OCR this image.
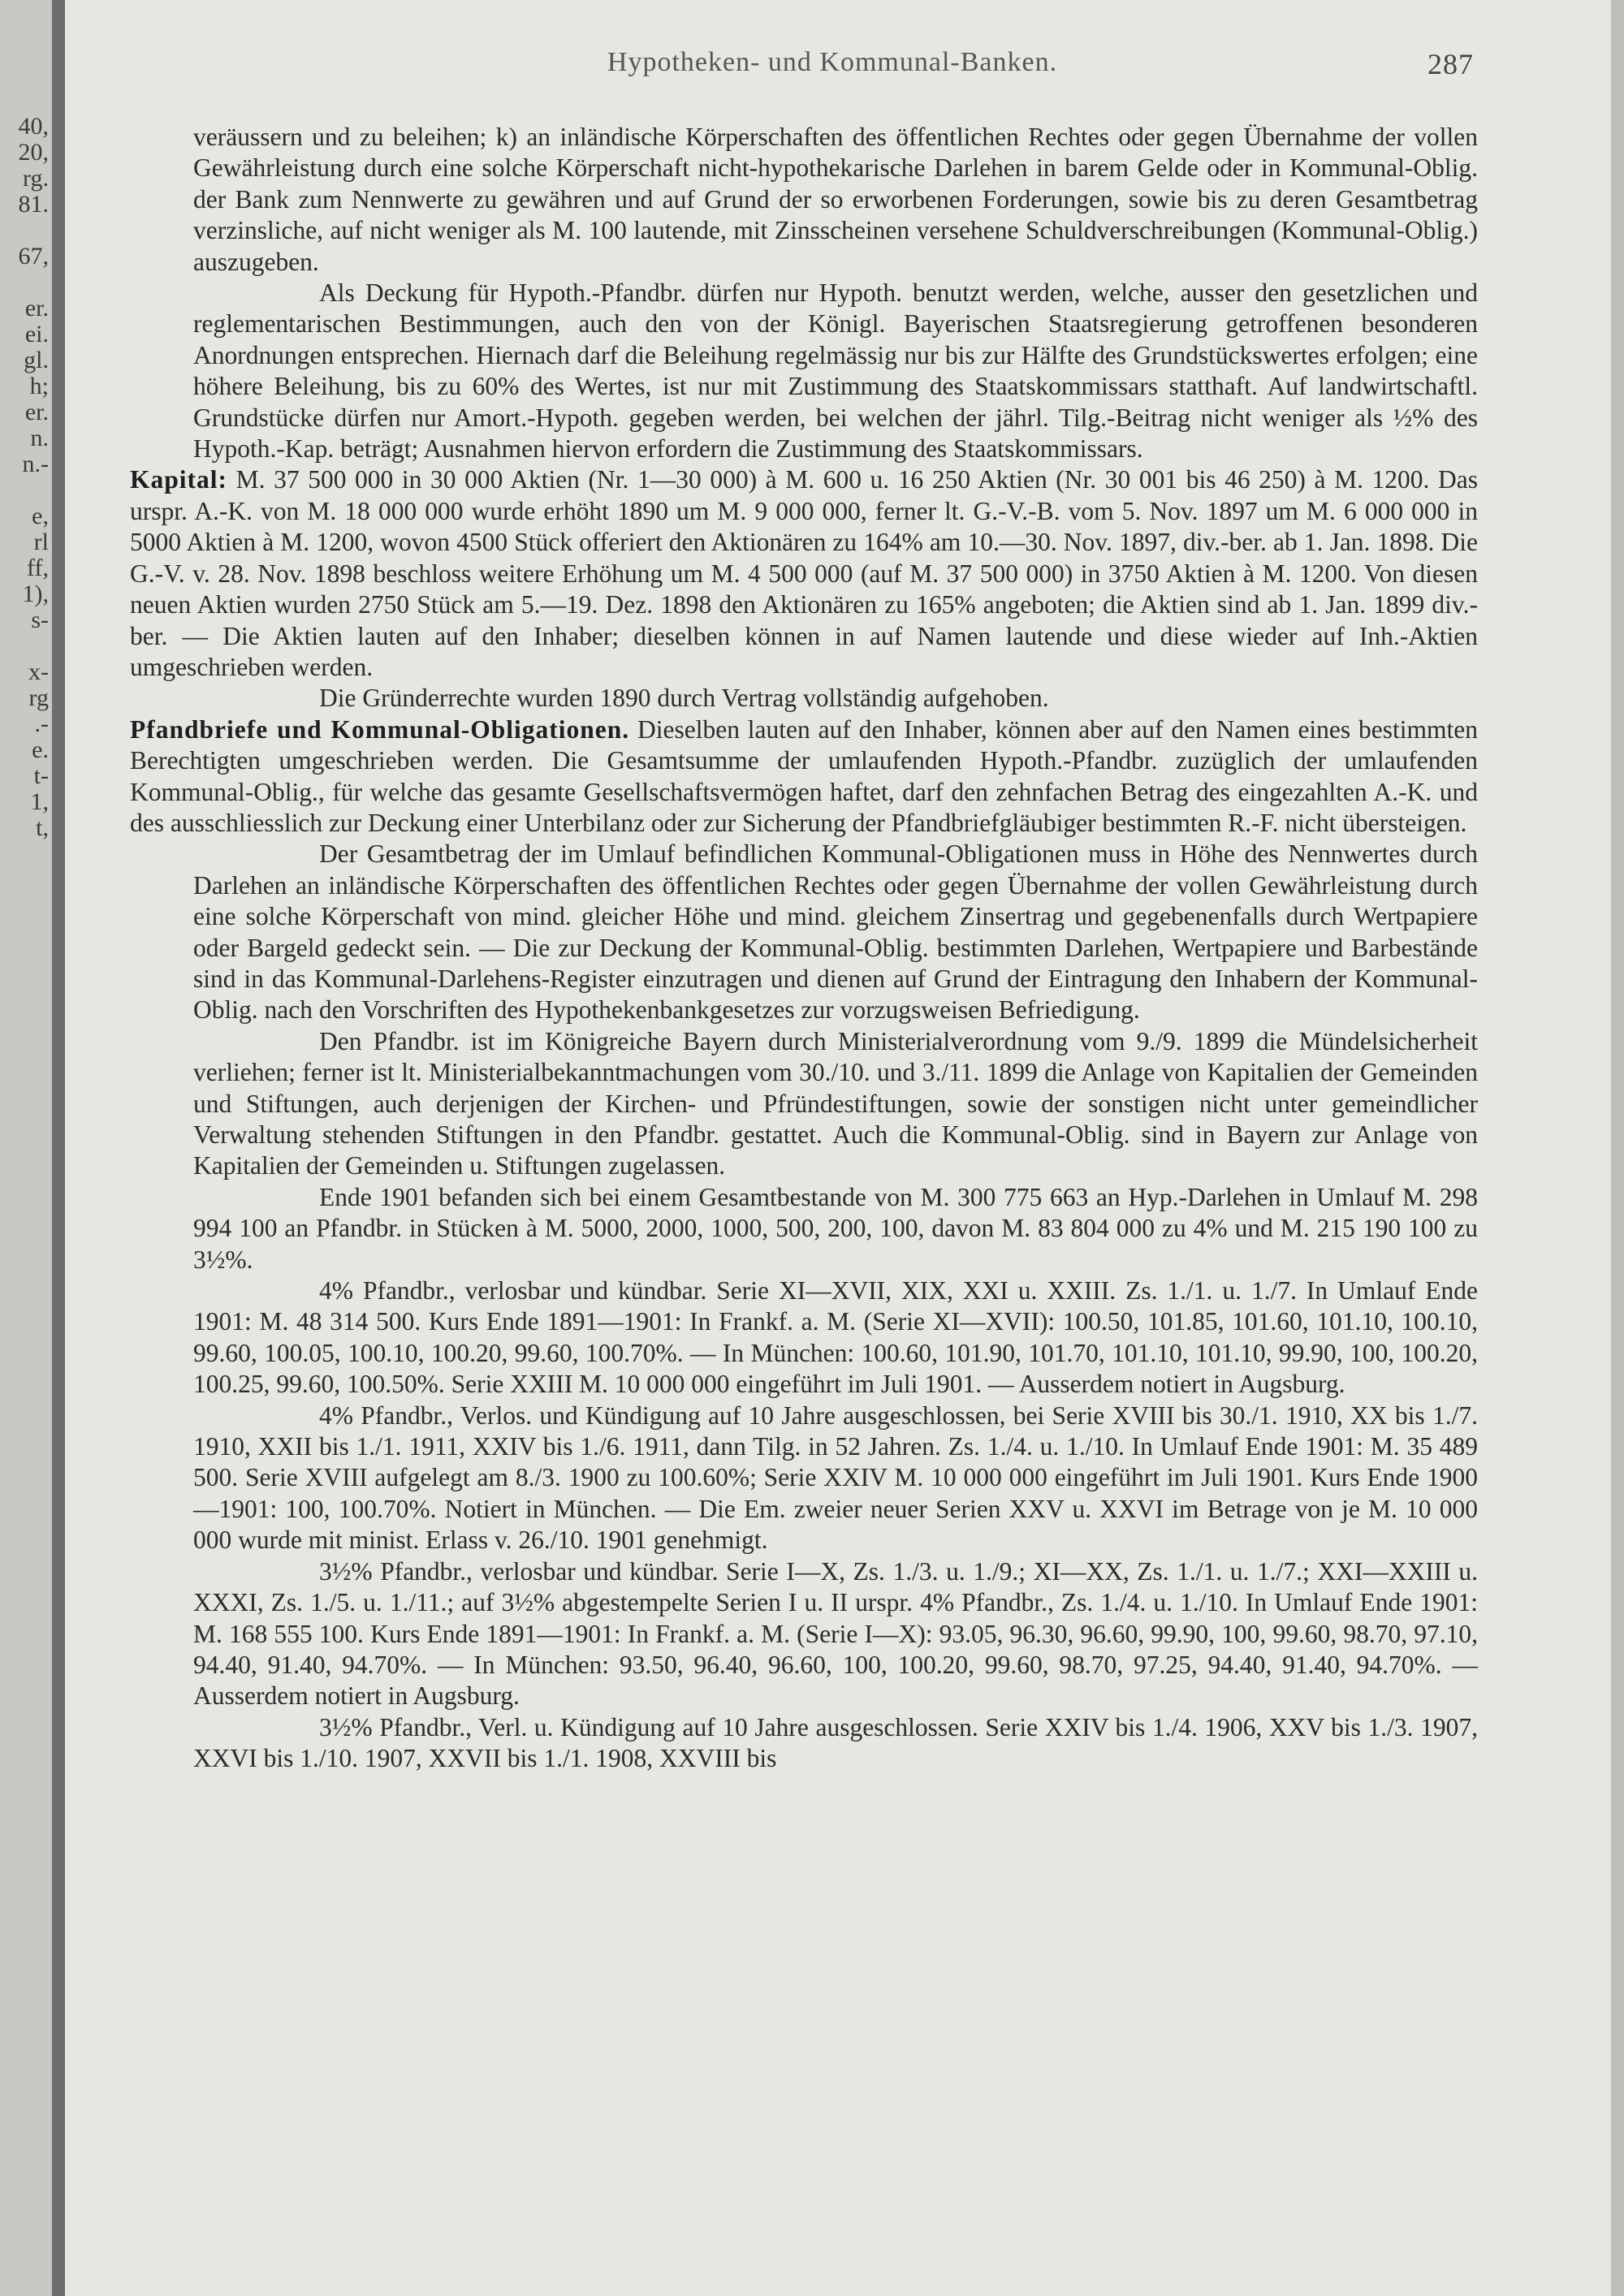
40,
20,
rg.
81.
67,
er.
ei.
gl.
h;
er.
n.
n.-
e,
rl
ff,
1),
s-
x-
rg
.-
e.
t-
1,
t,
Hypotheken- und Kommunal-Banken.	287

veräussern und zu beleihen; k) an inländische Körperschaften des öffentlichen Rechtes oder gegen Übernahme der vollen Gewährleistung durch eine solche Körperschaft nicht-hypothekarische Darlehen in barem Gelde oder in Kommunal-Oblig. der Bank zum Nennwerte zu gewähren und auf Grund der so erworbenen Forderungen, sowie bis zu deren Gesamtbetrag verzinsliche, auf nicht weniger als M. 100 lautende, mit Zinsscheinen versehene Schuldverschreibungen (Kommunal-Oblig.) auszugeben.

Als Deckung für Hypoth.-Pfandbr. dürfen nur Hypoth. benutzt werden, welche, ausser den gesetzlichen und reglementarischen Bestimmungen, auch den von der Königl. Bayerischen Staatsregierung getroffenen besonderen Anordnungen entsprechen. Hiernach darf die Beleihung regelmässig nur bis zur Hälfte des Grundstückswertes erfolgen; eine höhere Beleihung, bis zu 60% des Wertes, ist nur mit Zustimmung des Staatskommissars statthaft. Auf landwirtschaftl. Grundstücke dürfen nur Amort.-Hypoth. gegeben werden, bei welchen der jährl. Tilg.-Beitrag nicht weniger als ½% des Hypoth.-Kap. beträgt; Ausnahmen hiervon erfordern die Zustimmung des Staatskommissars.

Kapital: M. 37 500 000 in 30 000 Aktien (Nr. 1—30 000) à M. 600 u. 16 250 Aktien (Nr. 30 001 bis 46 250) à M. 1200. Das urspr. A.-K. von M. 18 000 000 wurde erhöht 1890 um M. 9 000 000, ferner lt. G.-V.-B. vom 5. Nov. 1897 um M. 6 000 000 in 5000 Aktien à M. 1200, wovon 4500 Stück offeriert den Aktionären zu 164% am 10.—30. Nov. 1897, div.-ber. ab 1. Jan. 1898. Die G.-V. v. 28. Nov. 1898 beschloss weitere Erhöhung um M. 4 500 000 (auf M. 37 500 000) in 3750 Aktien à M. 1200. Von diesen neuen Aktien wurden 2750 Stück am 5.—19. Dez. 1898 den Aktionären zu 165% angeboten; die Aktien sind ab 1. Jan. 1899 div.-ber. — Die Aktien lauten auf den Inhaber; dieselben können in auf Namen lautende und diese wieder auf Inh.-Aktien umgeschrieben werden.

Die Gründerrechte wurden 1890 durch Vertrag vollständig aufgehoben.

Pfandbriefe und Kommunal-Obligationen. Dieselben lauten auf den Inhaber, können aber auf den Namen eines bestimmten Berechtigten umgeschrieben werden. Die Gesamtsumme der umlaufenden Hypoth.-Pfandbr. zuzüglich der umlaufenden Kommunal-Oblig., für welche das gesamte Gesellschaftsvermögen haftet, darf den zehnfachen Betrag des eingezahlten A.-K. und des ausschliesslich zur Deckung einer Unterbilanz oder zur Sicherung der Pfandbriefgläubiger bestimmten R.-F. nicht übersteigen.

Der Gesamtbetrag der im Umlauf befindlichen Kommunal-Obligationen muss in Höhe des Nennwertes durch Darlehen an inländische Körperschaften des öffentlichen Rechtes oder gegen Übernahme der vollen Gewährleistung durch eine solche Körperschaft von mind. gleicher Höhe und mind. gleichem Zinsertrag und gegebenenfalls durch Wertpapiere oder Bargeld gedeckt sein. — Die zur Deckung der Kommunal-Oblig. bestimmten Darlehen, Wertpapiere und Barbestände sind in das Kommunal-Darlehens-Register einzutragen und dienen auf Grund der Eintragung den Inhabern der Kommunal-Oblig. nach den Vorschriften des Hypothekenbankgesetzes zur vorzugsweisen Befriedigung.

Den Pfandbr. ist im Königreiche Bayern durch Ministerialverordnung vom 9./9. 1899 die Mündelsicherheit verliehen; ferner ist lt. Ministerialbekanntmachungen vom 30./10. und 3./11. 1899 die Anlage von Kapitalien der Gemeinden und Stiftungen, auch derjenigen der Kirchen- und Pfründestiftungen, sowie der sonstigen nicht unter gemeindlicher Verwaltung stehenden Stiftungen in den Pfandbr. gestattet. Auch die Kommunal-Oblig. sind in Bayern zur Anlage von Kapitalien der Gemeinden u. Stiftungen zugelassen.

Ende 1901 befanden sich bei einem Gesamtbestande von M. 300 775 663 an Hyp.-Darlehen in Umlauf M. 298 994 100 an Pfandbr. in Stücken à M. 5000, 2000, 1000, 500, 200, 100, davon M. 83 804 000 zu 4% und M. 215 190 100 zu 3½%.

4% Pfandbr., verlosbar und kündbar. Serie XI—XVII, XIX, XXI u. XXIII. Zs. 1./1. u. 1./7. In Umlauf Ende 1901: M. 48 314 500. Kurs Ende 1891—1901: In Frankf. a. M. (Serie XI—XVII): 100.50, 101.85, 101.60, 101.10, 100.10, 99.60, 100.05, 100.10, 100.20, 99.60, 100.70%. — In München: 100.60, 101.90, 101.70, 101.10, 101.10, 99.90, 100, 100.20, 100.25, 99.60, 100.50%. Serie XXIII M. 10 000 000 eingeführt im Juli 1901. — Ausserdem notiert in Augsburg.

4% Pfandbr., Verlos. und Kündigung auf 10 Jahre ausgeschlossen, bei Serie XVIII bis 30./1. 1910, XX bis 1./7. 1910, XXII bis 1./1. 1911, XXIV bis 1./6. 1911, dann Tilg. in 52 Jahren. Zs. 1./4. u. 1./10. In Umlauf Ende 1901: M. 35 489 500. Serie XVIII aufgelegt am 8./3. 1900 zu 100.60%; Serie XXIV M. 10 000 000 eingeführt im Juli 1901. Kurs Ende 1900—1901: 100, 100.70%. Notiert in München. — Die Em. zweier neuer Serien XXV u. XXVI im Betrage von je M. 10 000 000 wurde mit minist. Erlass v. 26./10. 1901 genehmigt.

3½% Pfandbr., verlosbar und kündbar. Serie I—X, Zs. 1./3. u. 1./9.; XI—XX, Zs. 1./1. u. 1./7.; XXI—XXIII u. XXXI, Zs. 1./5. u. 1./11.; auf 3½% abgestempelte Serien I u. II urspr. 4% Pfandbr., Zs. 1./4. u. 1./10. In Umlauf Ende 1901: M. 168 555 100. Kurs Ende 1891—1901: In Frankf. a. M. (Serie I—X): 93.05, 96.30, 96.60, 99.90, 100, 99.60, 98.70, 97.10, 94.40, 91.40, 94.70%. — In München: 93.50, 96.40, 96.60, 100, 100.20, 99.60, 98.70, 97.25, 94.40, 91.40, 94.70%. — Ausserdem notiert in Augsburg.

3½% Pfandbr., Verl. u. Kündigung auf 10 Jahre ausgeschlossen. Serie XXIV bis 1./4. 1906, XXV bis 1./3. 1907, XXVI bis 1./10. 1907, XXVII bis 1./1. 1908, XXVIII bis
